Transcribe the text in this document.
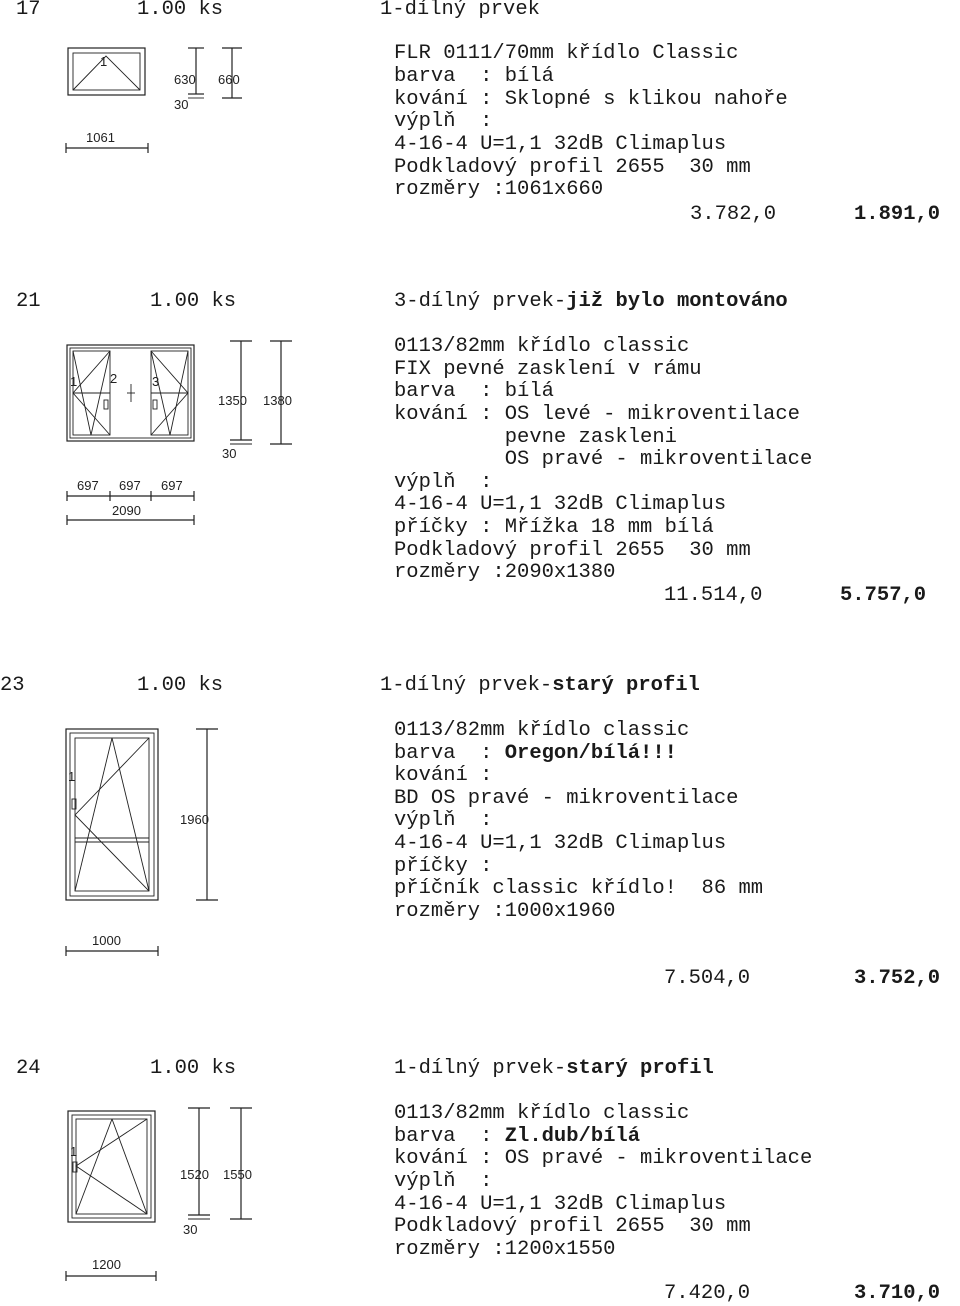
17	1.00 ks	1-dílný prvek
FLR 0111/70mm křídlo Classic
barva  : bílá
kování : Sklopné s klikou nahoře
výplň  :
4-16-4 U=1,1 32dB Climaplus
Podkladový profil 2655  30 mm
rozměry :1061x660
3.782,0	1.891,0
1
1061
630 660
30
21	1.00 ks	3-dílný prvek-již bylo montováno
0113/82mm křídlo classic
FIX pevné zasklení v rámu
barva  : bílá
kování : OS levé - mikroventilace
pevne zaskleni
OS pravé - mikroventilace
výplň  :
4-16-4 U=1,1 32dB Climaplus
příčky : Mřížka 18 mm bílá
Podkladový profil 2655  30 mm
rozměry :2090x1380
11.514,0	5.757,0
1	2	3
697 697 697
2090
1350 1380
30
23	1.00 ks	1-dílný prvek-starý profil
0113/82mm křídlo classic
barva  : Oregon/bílá!!!
kování :
BD OS pravé - mikroventilace
výplň  :
4-16-4 U=1,1 32dB Climaplus
příčky :
příčník classic křídlo!  86 mm
rozměry :1000x1960
7.504,0	3.752,0
1
1960
1000
24	1.00 ks	1-dílný prvek-starý profil
0113/82mm křídlo classic
barva  : Zl.dub/bílá
kování : OS pravé - mikroventilace
výplň  :
4-16-4 U=1,1 32dB Climaplus
Podkladový profil 2655  30 mm
rozměry :1200x1550
7.420,0	3.710,0
1
1520 1550
30
1200
